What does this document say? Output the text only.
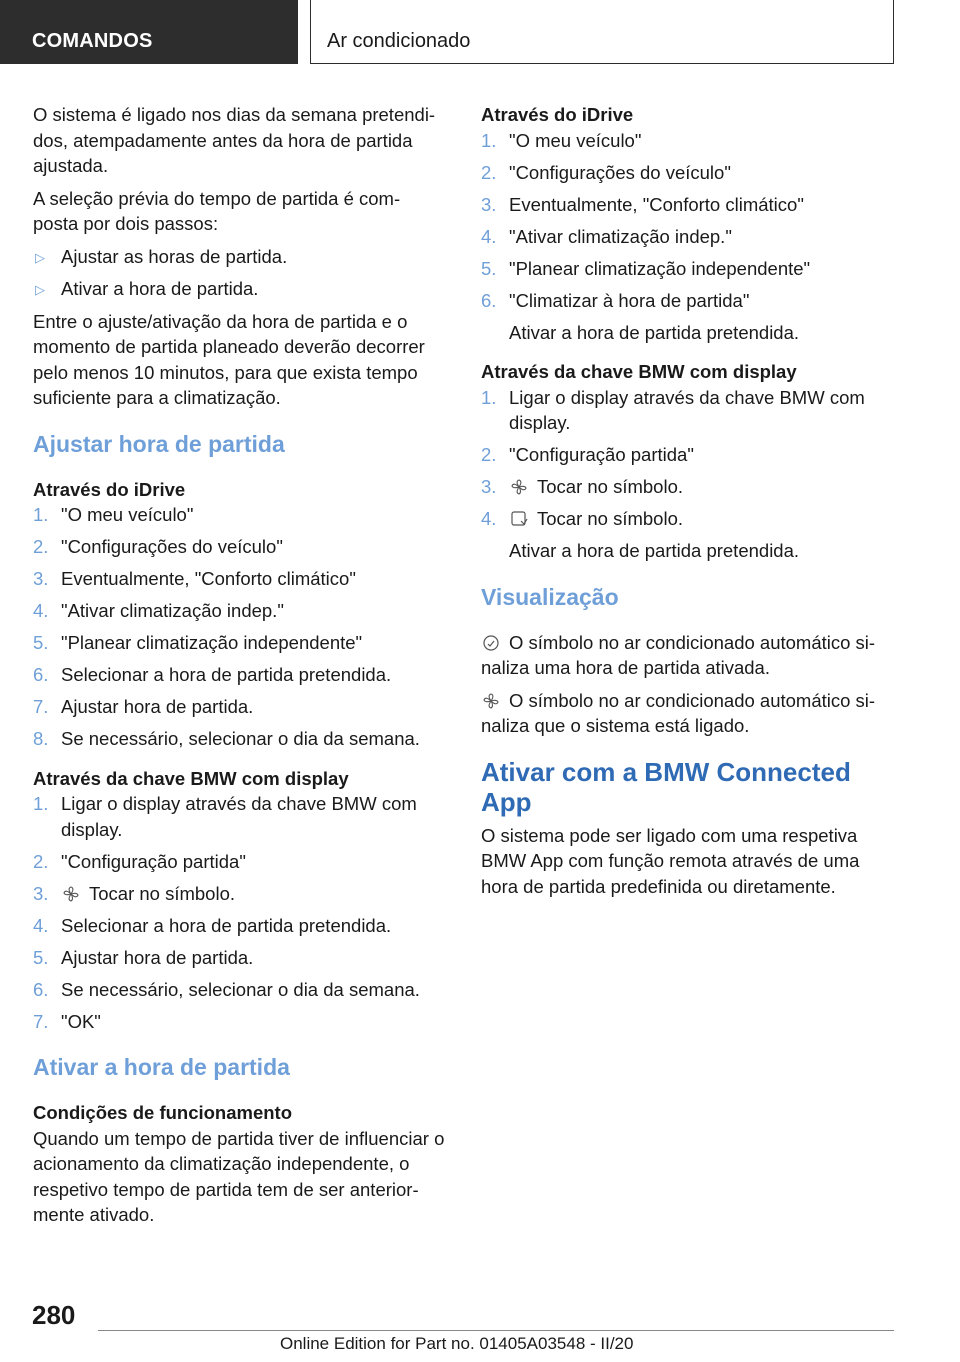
COMANDOS	Ar condicionado

O sistema é ligado nos dias da semana pretendi-dos, atempadamente antes da hora de partida ajustada.

A seleção prévia do tempo de partida é com-posta por dois passos:

▷ Ajustar as horas de partida.
▷ Ativar a hora de partida.

Entre o ajuste/ativação da hora de partida e o momento de partida planeado deverão decorrer pelo menos 10 minutos, para que exista tempo suficiente para a climatização.

Ajustar hora de partida

Através do iDrive

1. "O meu veículo"
2. "Configurações do veículo"
3. Eventualmente, "Conforto climático"
4. "Ativar climatização indep."
5. "Planear climatização independente"
6. Selecionar a hora de partida pretendida.
7. Ajustar hora de partida.
8. Se necessário, selecionar o dia da semana.

Através da chave BMW com display

1. Ligar o display através da chave BMW com display.
2. "Configuração partida"
3. Tocar no símbolo.
4. Selecionar a hora de partida pretendida.
5. Ajustar hora de partida.
6. Se necessário, selecionar o dia da semana.
7. "OK"
Ativar a hora de partida

Condições de funcionamento

Quando um tempo de partida tiver de influenciar o acionamento da climatização independente, o respetivo tempo de partida tem de ser anterior-mente ativado.

Através do iDrive

1. "O meu veículo"
2. "Configurações do veículo"
3. Eventualmente, "Conforto climático"
4. "Ativar climatização indep."
5. "Planear climatização independente"
6. "Climatizar à hora de partida"
Ativar a hora de partida pretendida.

Através da chave BMW com display

1. Ligar o display através da chave BMW com display.
2. "Configuração partida"
3. Tocar no símbolo.
4. Tocar no símbolo.
Ativar a hora de partida pretendida.
Visualização

O símbolo no ar condicionado automático si-naliza uma hora de partida ativada.

O símbolo no ar condicionado automático si-naliza que o sistema está ligado.

Ativar com a BMW Connected App

O sistema pode ser ligado com uma respetiva BMW App com função remota através de uma hora de partida predefinida ou diretamente.

280
Online Edition for Part no. 01405A03548 - II/20
